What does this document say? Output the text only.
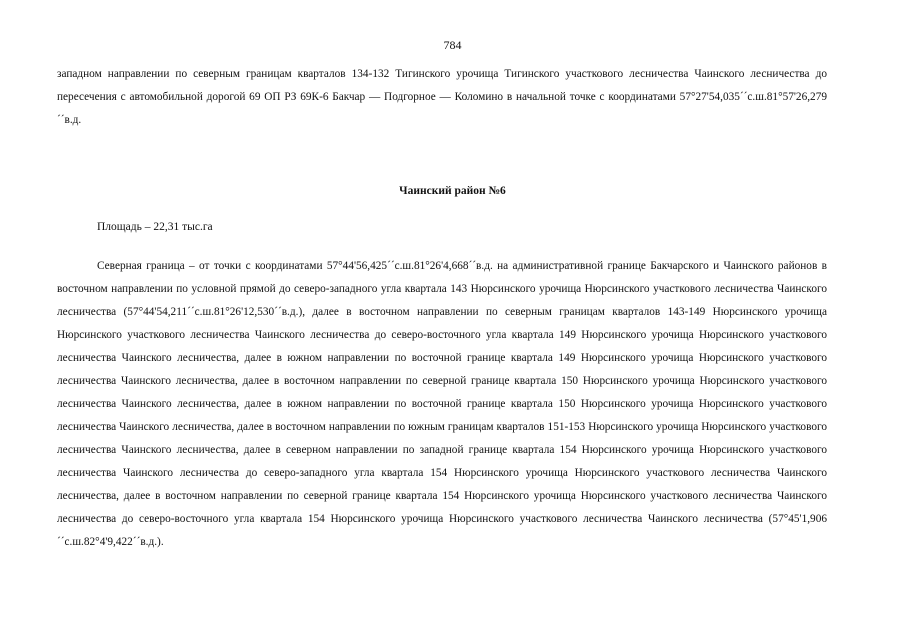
784

западном направлении по северным границам кварталов 134-132 Тигинского урочища Тигинского участкового лесничества Чаинского лесничества до пересечения с автомобильной дорогой 69 ОП РЗ 69К-6 Бакчар — Подгорное — Коломино в начальной точке с координатами 57°27'54,035´´с.ш.81°57'26,279´´в.д.

Чаинский район №6
Площадь – 22,31 тыс.га

Северная граница – от точки с координатами 57°44'56,425´´с.ш.81°26'4,668´´в.д. на административной границе Бакчарского и Чаинского районов в восточном направлении по условной прямой до северо-западного угла квартала 143 Нюрсинского урочища Нюрсинского участкового лесничества Чаинского лесничества (57°44'54,211´´с.ш.81°26'12,530´´в.д.), далее в восточном направлении по северным границам кварталов 143-149 Нюрсинского урочища Нюрсинского участкового лесничества Чаинского лесничества до северо-восточного угла квартала 149 Нюрсинского урочища Нюрсинского участкового лесничества Чаинского лесничества, далее в южном направлении по восточной границе квартала 149 Нюрсинского урочища Нюрсинского участкового лесничества Чаинского лесничества, далее в восточном направлении по северной границе квартала 150 Нюрсинского урочища Нюрсинского участкового лесничества Чаинского лесничества, далее в южном направлении по восточной границе квартала 150 Нюрсинского урочища Нюрсинского участкового лесничества Чаинского лесничества, далее в восточном направлении по южным границам кварталов 151-153 Нюрсинского урочища Нюрсинского участкового лесничества Чаинского лесничества, далее в северном направлении по западной границе квартала 154 Нюрсинского урочища Нюрсинского участкового лесничества Чаинского лесничества до северо-западного угла квартала 154 Нюрсинского урочища Нюрсинского участкового лесничества Чаинского лесничества, далее в восточном направлении по северной границе квартала 154 Нюрсинского урочища Нюрсинского участкового лесничества Чаинского лесничества до северо-восточного угла квартала 154 Нюрсинского урочища Нюрсинского участкового лесничества Чаинского лесничества (57°45'1,906´´с.ш.82°4'9,422´´в.д.).
